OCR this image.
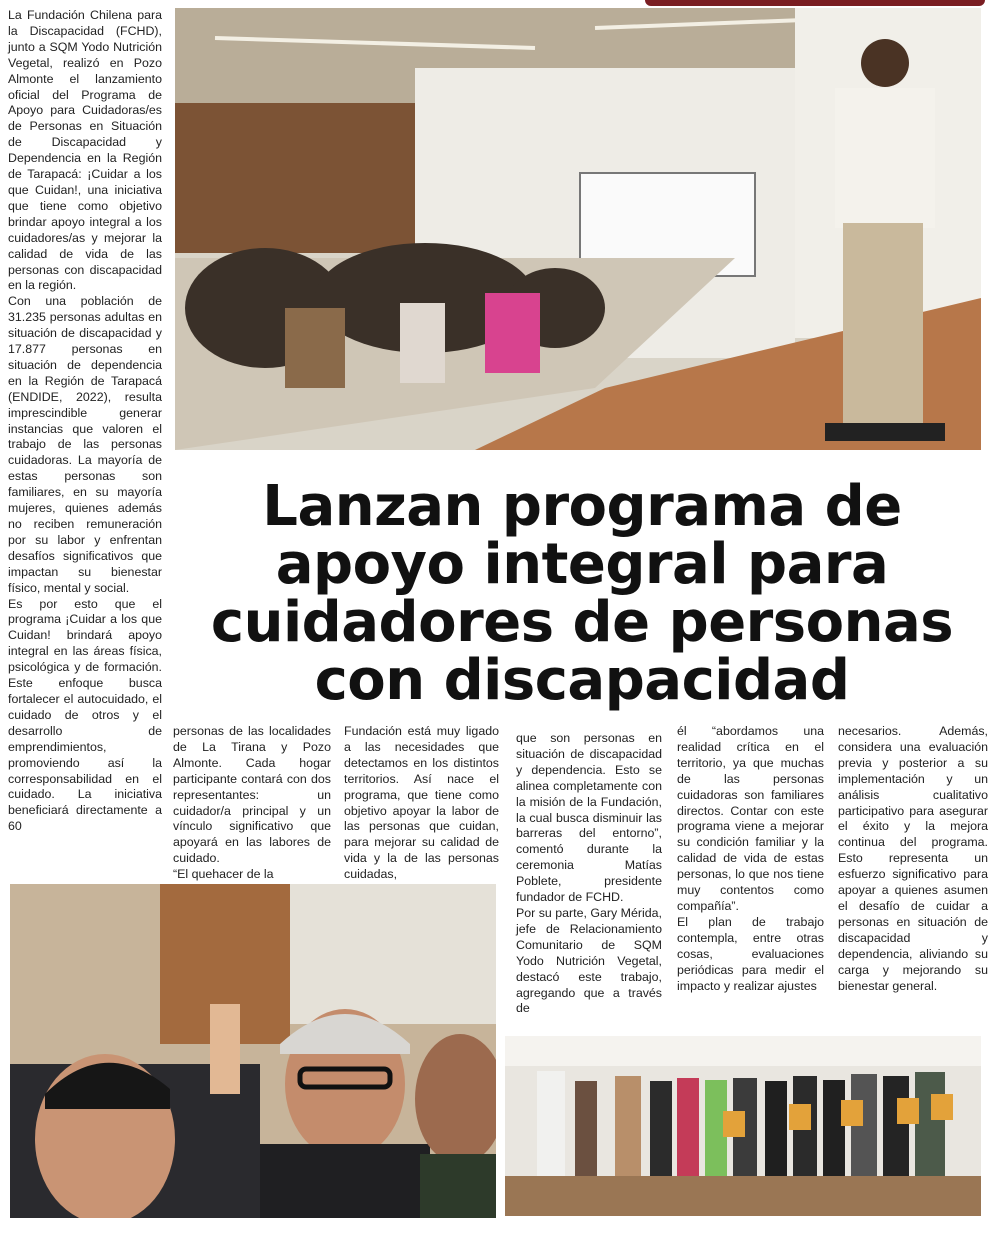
La Fundación Chilena para la Discapacidad (FCHD), junto a SQM Yodo Nutrición Vegetal, realizó en Pozo Almonte el lanzamiento oficial del Programa de Apoyo para Cuidadoras/es de Personas en Situación de Discapacidad y Dependencia en la Región de Tarapacá: ¡Cuidar a los que Cuidan!, una iniciativa que tiene como objetivo brindar apoyo integral a los cuidadores/as y mejorar la calidad de vida de las personas con discapacidad en la región.

Con una población de 31.235 personas adultas en situación de discapacidad y 17.877 personas en situación de dependencia en la Región de Tarapacá (ENDIDE, 2022), resulta imprescindible generar instancias que valoren el trabajo de las personas cuidadoras. La mayoría de estas personas son familiares, en su mayoría mujeres, quienes además no reciben remuneración por su labor y enfrentan desafíos significativos que impactan su bienestar físico, mental y social.

Es por esto que el programa ¡Cuidar a los que Cuidan! brindará apoyo integral en las áreas física, psicológica y de formación. Este enfoque busca fortalecer el autocuidado, el cuidado de otros y el desarrollo de emprendimientos, promoviendo así la corresponsabilidad en el cuidado. La iniciativa beneficiará directamente a 60

Lanzan programa de apoyo integral para cuidadores de personas con discapacidad

personas de las localidades de La Tirana y Pozo Almonte. Cada hogar participante contará con dos representantes: un cuidador/a principal y un vínculo significativo que apoyará en las labores de cuidado.

“El quehacer de la

Fundación está muy ligado a las necesidades que detectamos en los distintos territorios. Así nace el programa, que tiene como objetivo apoyar la labor de las personas que cuidan, para mejorar su calidad de vida y la de las personas cuidadas,

que son personas en situación de discapacidad y dependencia. Esto se alinea completamente con la misión de la Fundación, la cual busca disminuir las barreras del entorno”, comentó durante la ceremonia Matías Poblete, presidente fundador de FCHD.

Por su parte, Gary Mérida, jefe de Relacionamiento Comunitario de SQM Yodo Nutrición Vegetal, destacó este trabajo, agregando que a través de

él “abordamos una realidad crítica en el territorio, ya que muchas de las personas cuidadoras son familiares directos. Contar con este programa viene a mejorar su condición familiar y la calidad de vida de estas personas, lo que nos tiene muy contentos como compañía”.

El plan de trabajo contempla, entre otras cosas, evaluaciones periódicas para medir el impacto y realizar ajustes

necesarios. Además, considera una evaluación previa y posterior a su implementación y un análisis cualitativo participativo para asegurar el éxito y la mejora continua del programa. Esto representa un esfuerzo significativo para apoyar a quienes asumen el desafío de cuidar a personas en situación de discapacidad y dependencia, aliviando su carga y mejorando su bienestar general.
